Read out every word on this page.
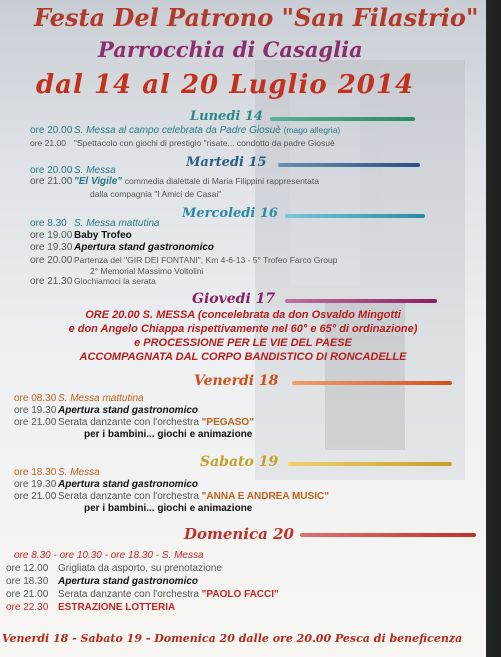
Festa Del Patrono "San Filastrio"
Parrocchia di Casaglia
dal 14 al 20 Luglio 2014
Lunedi 14
ore 20.00 S. Messa al campo celebrata da Padre Giosuè (mago allegria)
ore 21.00 "Spettacolo con giochi di prestigio "risate... condotto da padre Giosuè
Martedi 15
ore 20.00 S. Messa
ore 21.00 "El Vigile" commedia dialettale di Maria Filippini rappresentata
dalla compagnia "I Amici de Casai"
Mercoledi 16
ore 8.30 S. Messa mattutina
ore 19.00 Baby Trofeo
ore 19.30 Apertura stand gastronomico
ore 20.00 Partenza del "GIR DEI FONTANI", Km 4-6-13 - 5° Trofeo Farco Group
2° Memorial Massimo Voltolini
ore 21.30 Giochiamoci la serata
Giovedi 17
ORE 20.00 S. MESSA (concelebrata da don Osvaldo Mingotti
e don Angelo Chiappa rispettivamente nel 60° e 65° di ordinazione)
e PROCESSIONE PER LE VIE DEL PAESE
ACCOMPAGNATA DAL CORPO BANDISTICO DI RONCADELLE
Venerdi 18
ore 08.30 S. Messa mattutina
ore 19.30 Apertura stand gastronomico
ore 21.00 Serata danzante con l'orchestra "PEGASO"
per i bambini... giochi e animazione
Sabato 19
ore 18.30 S. Messa
ore 19.30 Apertura stand gastronomico
ore 21.00 Serata danzante con l'orchestra "ANNA E ANDREA MUSIC"
per i bambini... giochi e animazione
Domenica 20
ore 8.30 - ore 10.30 - ore 18.30 - S. Messa
ore 12.00 Grigliata da asporto, su prenotazione
ore 18.30 Apertura stand gastronomico
ore 21.00 Serata danzante con l'orchestra "PAOLO FACCI"
ore 22.30 ESTRAZIONE LOTTERIA
Venerdi 18 - Sabato 19 - Domenica 20 dalle ore 20.00 Pesca di beneficenza
